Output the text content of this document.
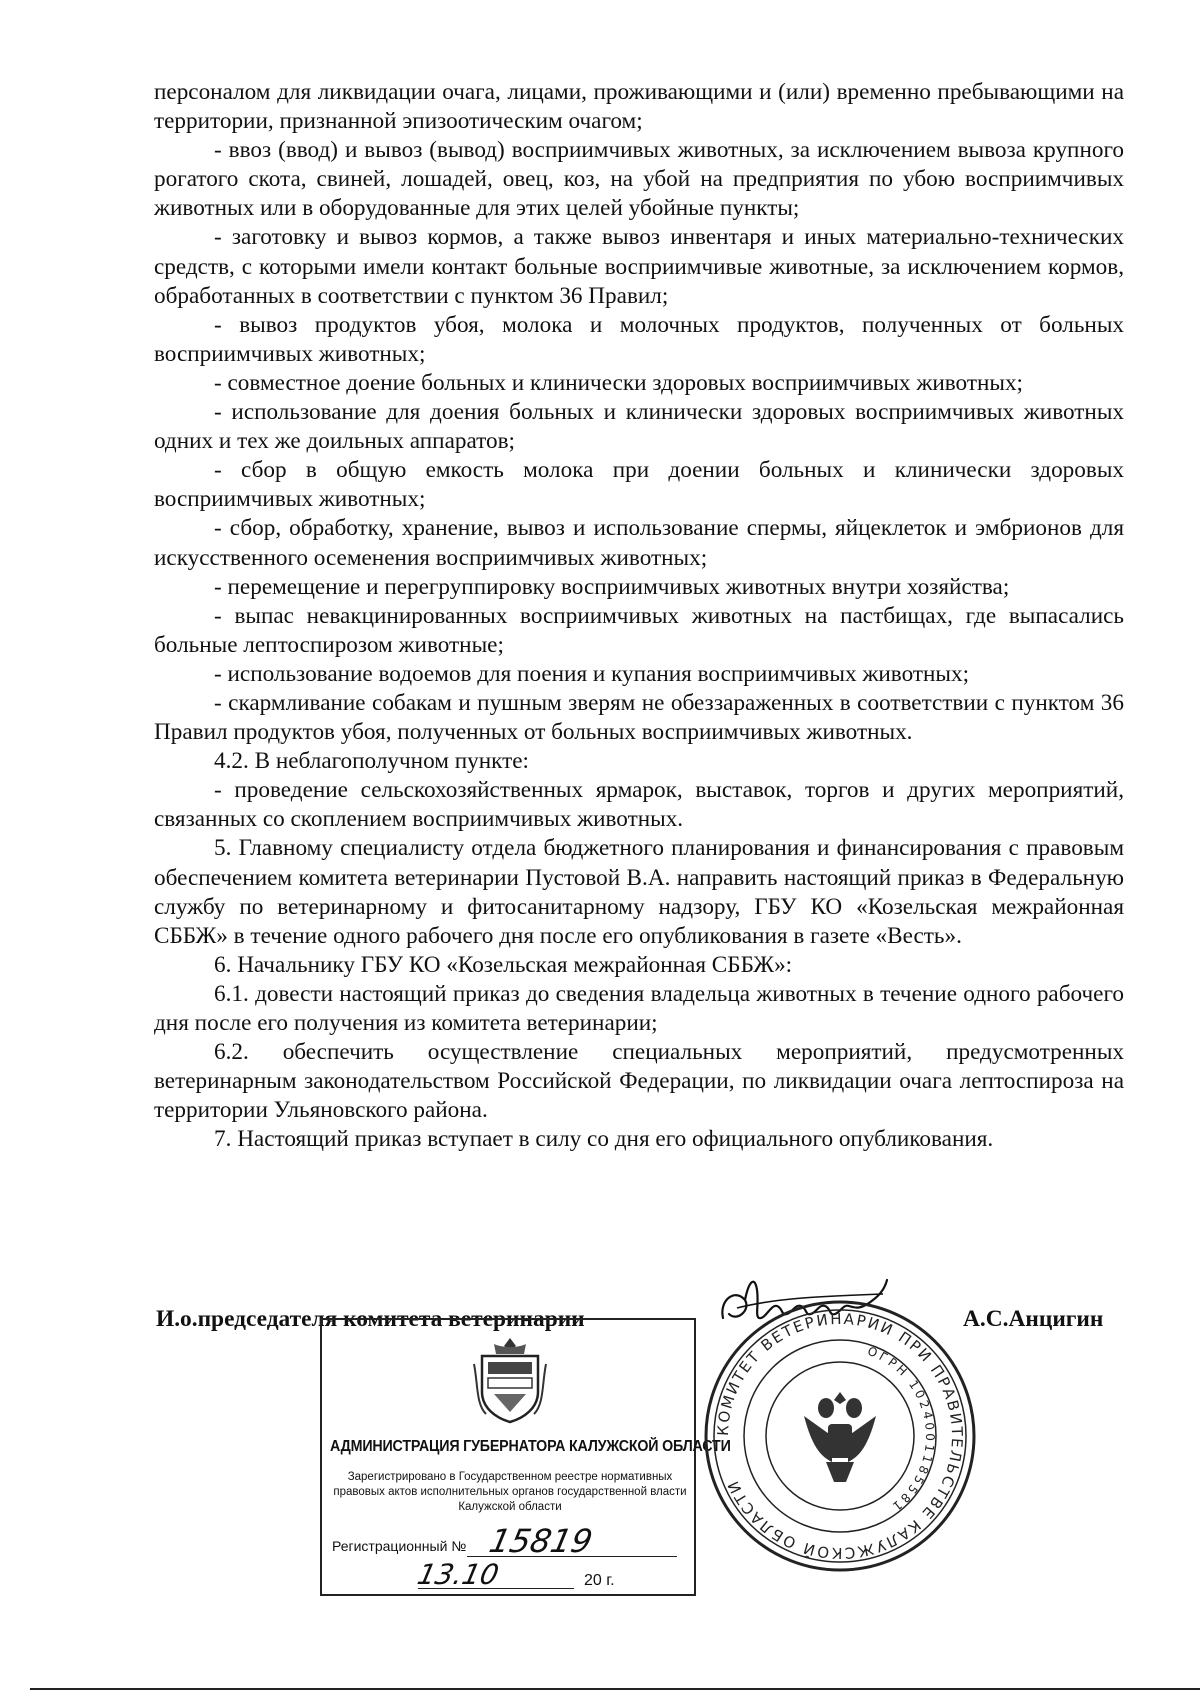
персоналом для ликвидации очага, лицами, проживающими и (или) временно пребывающими на территории, признанной эпизоотическим очагом;

- ввоз (ввод) и вывоз (вывод) восприимчивых животных, за исключением вывоза крупного рогатого скота, свиней, лошадей, овец, коз, на убой на предприятия по убою восприимчивых животных или в оборудованные для этих целей убойные пункты;

- заготовку и вывоз кормов, а также вывоз инвентаря и иных материально-технических средств, с которыми имели контакт больные восприимчивые животные, за исключением кормов, обработанных в соответствии с пунктом 36 Правил;

- вывоз продуктов убоя, молока и молочных продуктов, полученных от больных восприимчивых животных;

- совместное доение больных и клинически здоровых восприимчивых животных;

- использование для доения больных и клинически здоровых восприимчивых животных одних и тех же доильных аппаратов;

- сбор в общую емкость молока при доении больных и клинически здоровых восприимчивых животных;

- сбор, обработку, хранение, вывоз и использование спермы, яйцеклеток и эмбрионов для искусственного осеменения восприимчивых животных;

- перемещение и перегруппировку восприимчивых животных внутри хозяйства;

- выпас невакцинированных восприимчивых животных на пастбищах, где выпасались больные лептоспирозом животные;

- использование водоемов для поения и купания восприимчивых животных;

- скармливание собакам и пушным зверям не обеззараженных в соответствии с пунктом 36 Правил продуктов убоя, полученных от больных восприимчивых животных.

4.2. В неблагополучном пункте:

- проведение сельскохозяйственных ярмарок, выставок, торгов и других мероприятий, связанных со скоплением восприимчивых животных.

5. Главному специалисту отдела бюджетного планирования и финансирования с правовым обеспечением комитета ветеринарии Пустовой В.А. направить настоящий приказ в Федеральную службу по ветеринарному и фитосанитарному надзору, ГБУ КО «Козельская межрайонная СББЖ» в течение одного рабочего дня после его опубликования в газете «Весть».

6. Начальнику ГБУ КО «Козельская межрайонная СББЖ»:

6.1. довести настоящий приказ до сведения владельца животных в течение одного рабочего дня после его получения из комитета ветеринарии;

6.2. обеспечить осуществление специальных мероприятий, предусмотренных ветеринарным законодательством Российской Федерации, по ликвидации очага лептоспироза на территории Ульяновского района.

7. Настоящий приказ вступает в силу со дня его официального опубликования.

И.о.председателя комитета ветеринарии	А.С.Анцигин
АДМИНИСТРАЦИЯ ГУБЕРНАТОРА КАЛУЖСКОЙ ОБЛАСТИ
Зарегистрировано в Государственном реестре нормативных правовых актов исполнительных органов государственной власти Калужской области
Регистрационный № 15819
13.10	20 г.
КОМИТЕТ ВЕТЕРИНАРИИ ПРИ ПРАВИТЕЛЬСТВЕ КАЛУЖСКОЙ ОБЛАСТИ
ОГРН 1024001185581
